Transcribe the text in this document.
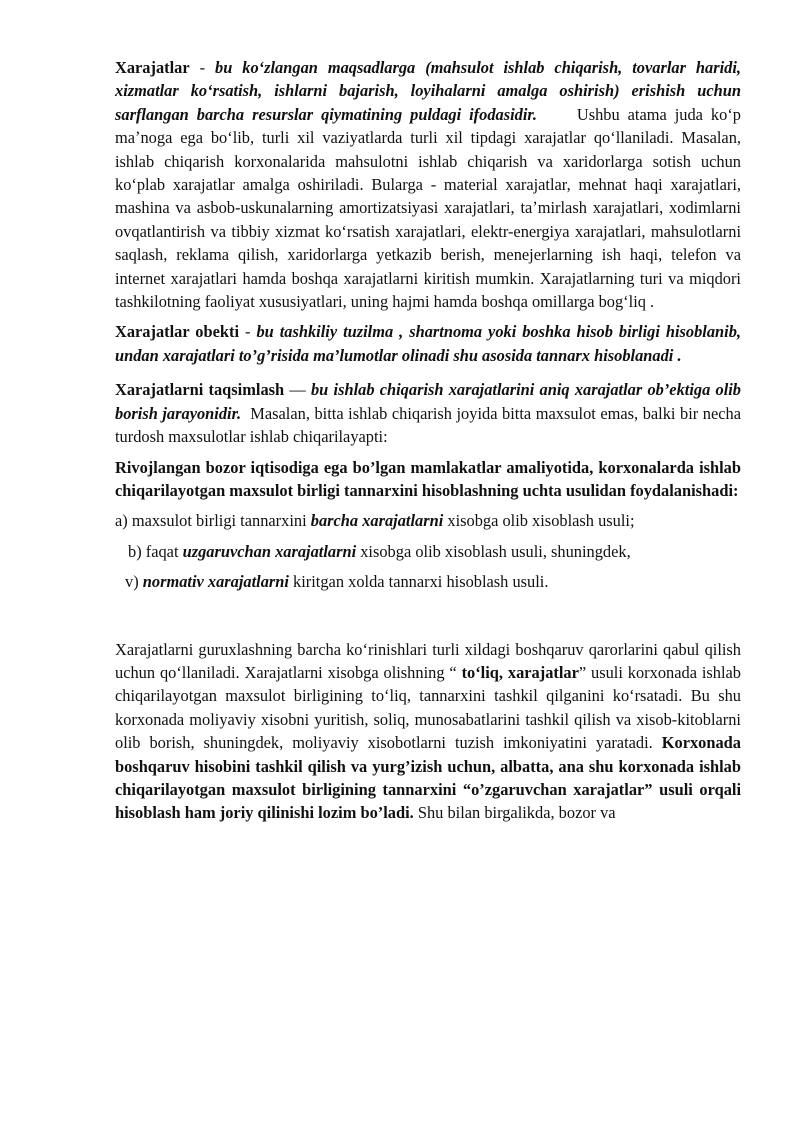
Xarajatlar - bu koʻzlangan maqsadlarga (mahsulot ishlab chiqarish, tovarlar haridi, xizmatlar koʻrsatish, ishlarni bajarish, loyihalarni amalga oshirish) erishish uchun sarflangan barcha resurslar qiymatining puldagi ifodasidir. Ushbu atama juda koʻp maʼnoga ega boʻlib, turli xil vaziyatlarda turli xil tipdagi xarajatlar qoʻllaniladi. Masalan, ishlab chiqarish korxonalarida mahsulotni ishlab chiqarish va xaridorlarga sotish uchun koʻplab xarajatlar amalga oshiriladi. Bularga - material xarajatlar, mehnat haqi xarajatlari, mashina va asbob-uskunalarning amortizatsiyasi xarajatlari, taʼmirlash xarajatlari, xodimlarni ovqatlantirish va tibbiy xizmat koʻrsatish xarajatlari, elektr-energiya xarajatlari, mahsulotlarni saqlash, reklama qilish, xaridorlarga yetkazib berish, menejerlarning ish haqi, telefon va internet xarajatlari hamda boshqa xarajatlarni kiritish mumkin. Xarajatlarning turi va miqdori tashkilotning faoliyat xususiyatlari, uning hajmi hamda boshqa omillarga bogʻliq .

Xarajatlar obekti - bu tashkiliy tuzilma , shartnoma yoki boshka hisob birligi hisoblanib, undan xarajatlari to’g’risida ma’lumotlar olinadi shu asosida tannarx hisoblanadi .

Xarajatlarni taqsimlash — bu ishlab chiqarish xarajatlarini aniq xarajatlar ob’ektiga olib borish jarayonidir. Masalan, bitta ishlab chiqarish joyida bitta maxsulot emas, balki bir necha turdosh maxsulotlar ishlab chiqarilayapti:

Rivojlangan bozor iqtisodiga ega bo’lgan mamlakatlar amaliyotida, korxonalarda ishlab chiqarilayotgan maxsulot birligi tannarxini hisoblashning uchta usulidan foydalanishadi:

a) maxsulot birligi tannarxini barcha xarajatlarni xisobga olib xisoblash usuli;

b) faqat uzgaruvchan xarajatlarni xisobga olib xisoblash usuli, shuningdek,

v) normativ xarajatlarni kiritgan xolda tannarxi hisoblash usuli.

Xarajatlarni guruxlashning barcha koʻrinishlari turli xildagi boshqaruv qarorlarini qabul qilish uchun qoʻllaniladi. Xarajatlarni xisobga olishning “ toʻliq, xarajatlar” usuli korxonada ishlab chiqarilayotgan maxsulot birligining toʻliq, tannarxini tashkil qilganini koʻrsatadi. Bu shu korxonada moliyaviy xisobni yuritish, soliq, munosabatlarini tashkil qilish va xisob-kitoblarni olib borish, shuningdek, moliyaviy xisobotlarni tuzish imkoniyatini yaratadi. Korxonada boshqaruv hisobini tashkil qilish va yurg’izish uchun, albatta, ana shu korxonada ishlab chiqarilayotgan maxsulot birligining tannarxini “o’zgaruvchan xarajatlar” usuli orqali hisoblash ham joriy qilinishi lozim bo’ladi. Shu bilan birgalikda, bozor va
